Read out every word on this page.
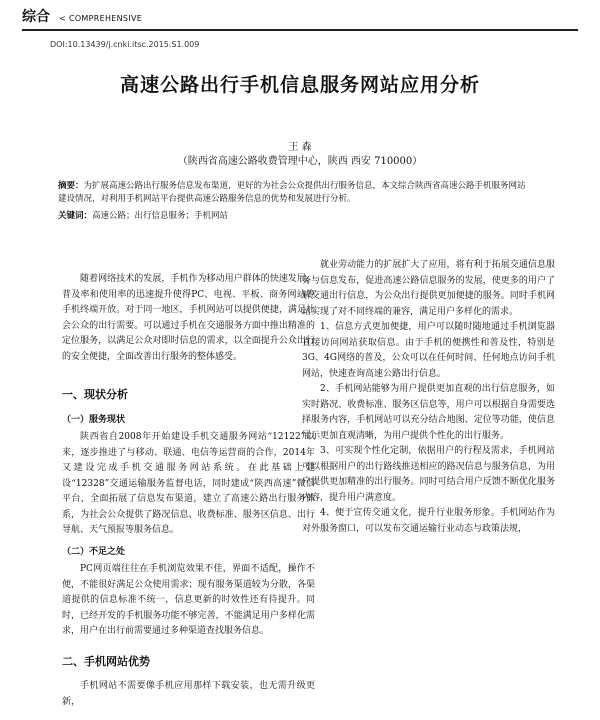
综合 < COMPREHENSIVE
DOI:10.13439/j.cnki.itsc.2015.S1.009
高速公路出行手机信息服务网站应用分析
王 森
（陕西省高速公路收费管理中心，陕西 西安 710000）
摘要：为扩展高速公路出行服务信息发布渠道，更好的为社会公众提供出行服务信息，本文综合陕西省高速公路手机服务网站建设情况，对利用手机网站平台提供高速公路服务信息的优势和发展进行分析。
关键词：高速公路；出行信息服务；手机网站

随着网络技术的发展，手机作为移动用户群体的快速发展，普及率和使用率的迅速提升使得PC、电视、平板、商务网站等手机终端开放。对于同一地区，手机网站可以提供便捷，满足社会公众的出行需要。可以通过手机在交通服务方面中推出精准的定位服务，以满足公众对即时信息的需求，以全面提升公众出行的安全便捷，全面改善出行服务的整体感受。

一、现状分析

（一）服务现状

陕西省自2008年开始建设手机交通服务网站“12122”以来，逐步推进了与移动、联通、电信等运营商的合作，2014年又建设完成手机交通服务网站系统。在此基础上建设“12328”交通运输服务监督电话，同时建成“陕西高速”微信平台，全面拓展了信息发布渠道，建立了高速公路出行服务体系，为社会公众提供了路况信息、收费标准、服务区信息、出行导航、天气预报等服务信息。

（二）不足之处

PC网页端往往在手机浏览效果不佳，界面不适配，操作不便，不能很好满足公众使用需求；现有服务渠道较为分散，各渠道提供的信息标准不统一，信息更新的时效性还有待提升。同时，已经开发的手机服务功能不够完善，不能满足用户多样化需求，用户在出行前需要通过多种渠道查找服务信息。

二、手机网站优势

手机网站不需要像手机应用那样下载安装，也无需升级更新，

就业劳动能力的扩展扩大了应用，将有利于拓展交通信息服务与信息发布，促进高速公路信息服务的发展，使更多的用户了解交通出行信息，为公众出行提供更加便捷的服务。同时手机网站实现了对不同终端的兼容，满足用户多样化的需求。

1、信息方式更加便捷，用户可以随时随地通过手机浏览器直接访问网站获取信息。由于手机的便携性和普及性，特别是3G、4G网络的普及，公众可以在任何时间、任何地点访问手机网站，快速查询高速公路出行信息。

2、手机网站能够为用户提供更加直观的出行信息服务，如实时路况、收费标准、服务区信息等，用户可以根据自身需要选择服务内容，手机网站可以充分结合地图、定位等功能，使信息展示更加直观清晰，为用户提供个性化的出行服务。

3、可实现个性化定制，依据用户的行程及需求，手机网站可以根据用户的出行路线推送相应的路况信息与服务信息，为用户提供更加精准的出行服务。同时可结合用户反馈不断优化服务内容，提升用户满意度。

4、便于宣传交通文化，提升行业服务形象。手机网站作为对外服务窗口，可以发布交通运输行业动态与政策法规，
